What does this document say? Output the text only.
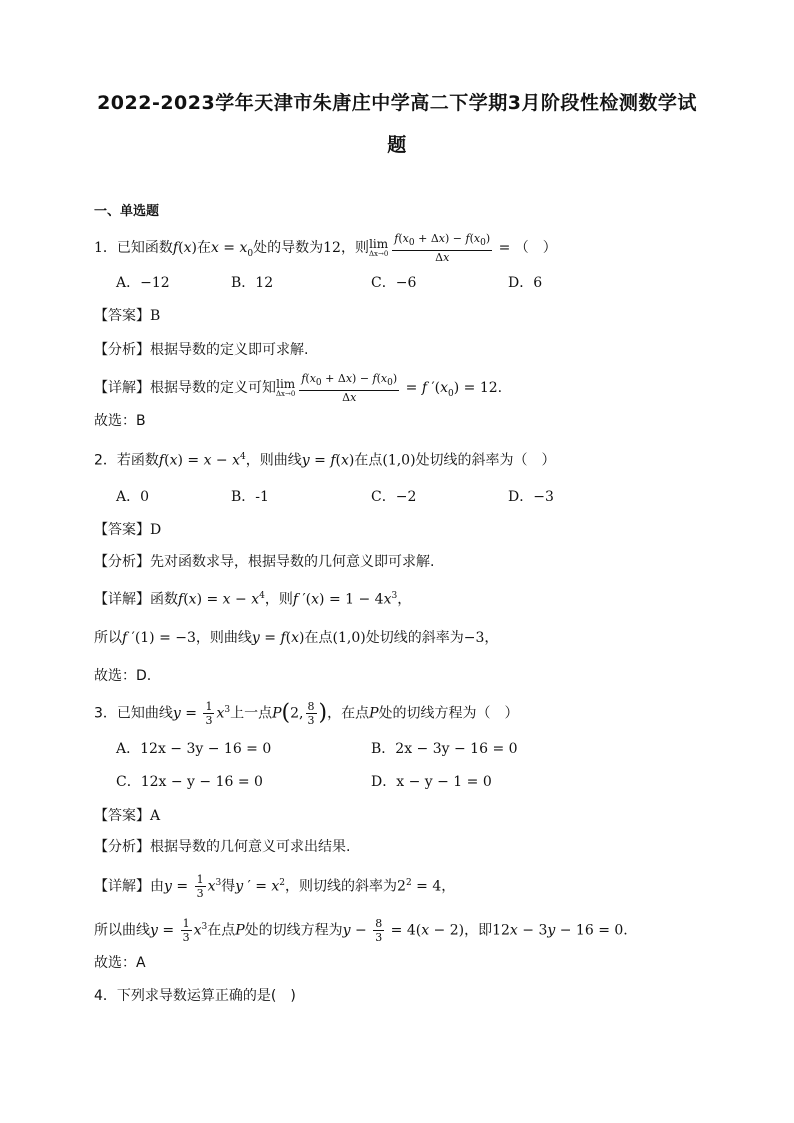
2022-2023学年天津市朱唐庄中学高二下学期3月阶段性检测数学试
题
一、单选题
1．已知函数f(x)在$x = x_0$处的导数为12，则lim
$\Delta x\to 0 \frac{f(x_0 + \Delta x) - f(x_0)}{\Delta x}$ = （　）
A．−12	B．12	C．−6	D．6
【答案】B
【分析】根据导数的定义即可求解.
【详解】根据导数的定义可知lim
$\Delta x\to 0 \frac{f(x_0 + \Delta x) - f(x_0)}{\Delta x} = f$ $'(x_0) = 12$.
故选：B
2．若函数$f(x) = x - x^4$，则曲线y = f(x)在点(1,0)处切线的斜率为（　）
A．0	B．-1	C．−2	D．−3
【答案】D
【分析】先对函数求导，根据导数的几何意义即可求解.
【详解】函数$f(x) = x - x^4$，则f $'(x) = 1 - 4x^3$，
所以f ′(1) = −3，则曲线y = f(x)在点(1,0)处切线的斜率为−3，
故选：D.
3．已知曲线$y = \frac{1}{3} x^3$上一点P(2, $\frac{8}{3}$ )，在点P处的切线方程为（　）
A．12x − 3y − 16 = 0	B．2x − 3y − 16 = 0
C．12x − y − 16 = 0	D．x − y − 1 = 0
【答案】A
【分析】根据导数的几何意义可求出结果.
【详解】由$y = \frac{1}{3} x^3$得y ′ = $x^2$，则切线的斜率为$2^2 = 4$，
所以曲线$y = \frac{1}{3} x^3$在点P处的切线方程为$y - \frac{8}{3} = 4(x - 2)$，即12x − 3y − 16 = 0.
故选：A
4．下列求导数运算正确的是(　)
